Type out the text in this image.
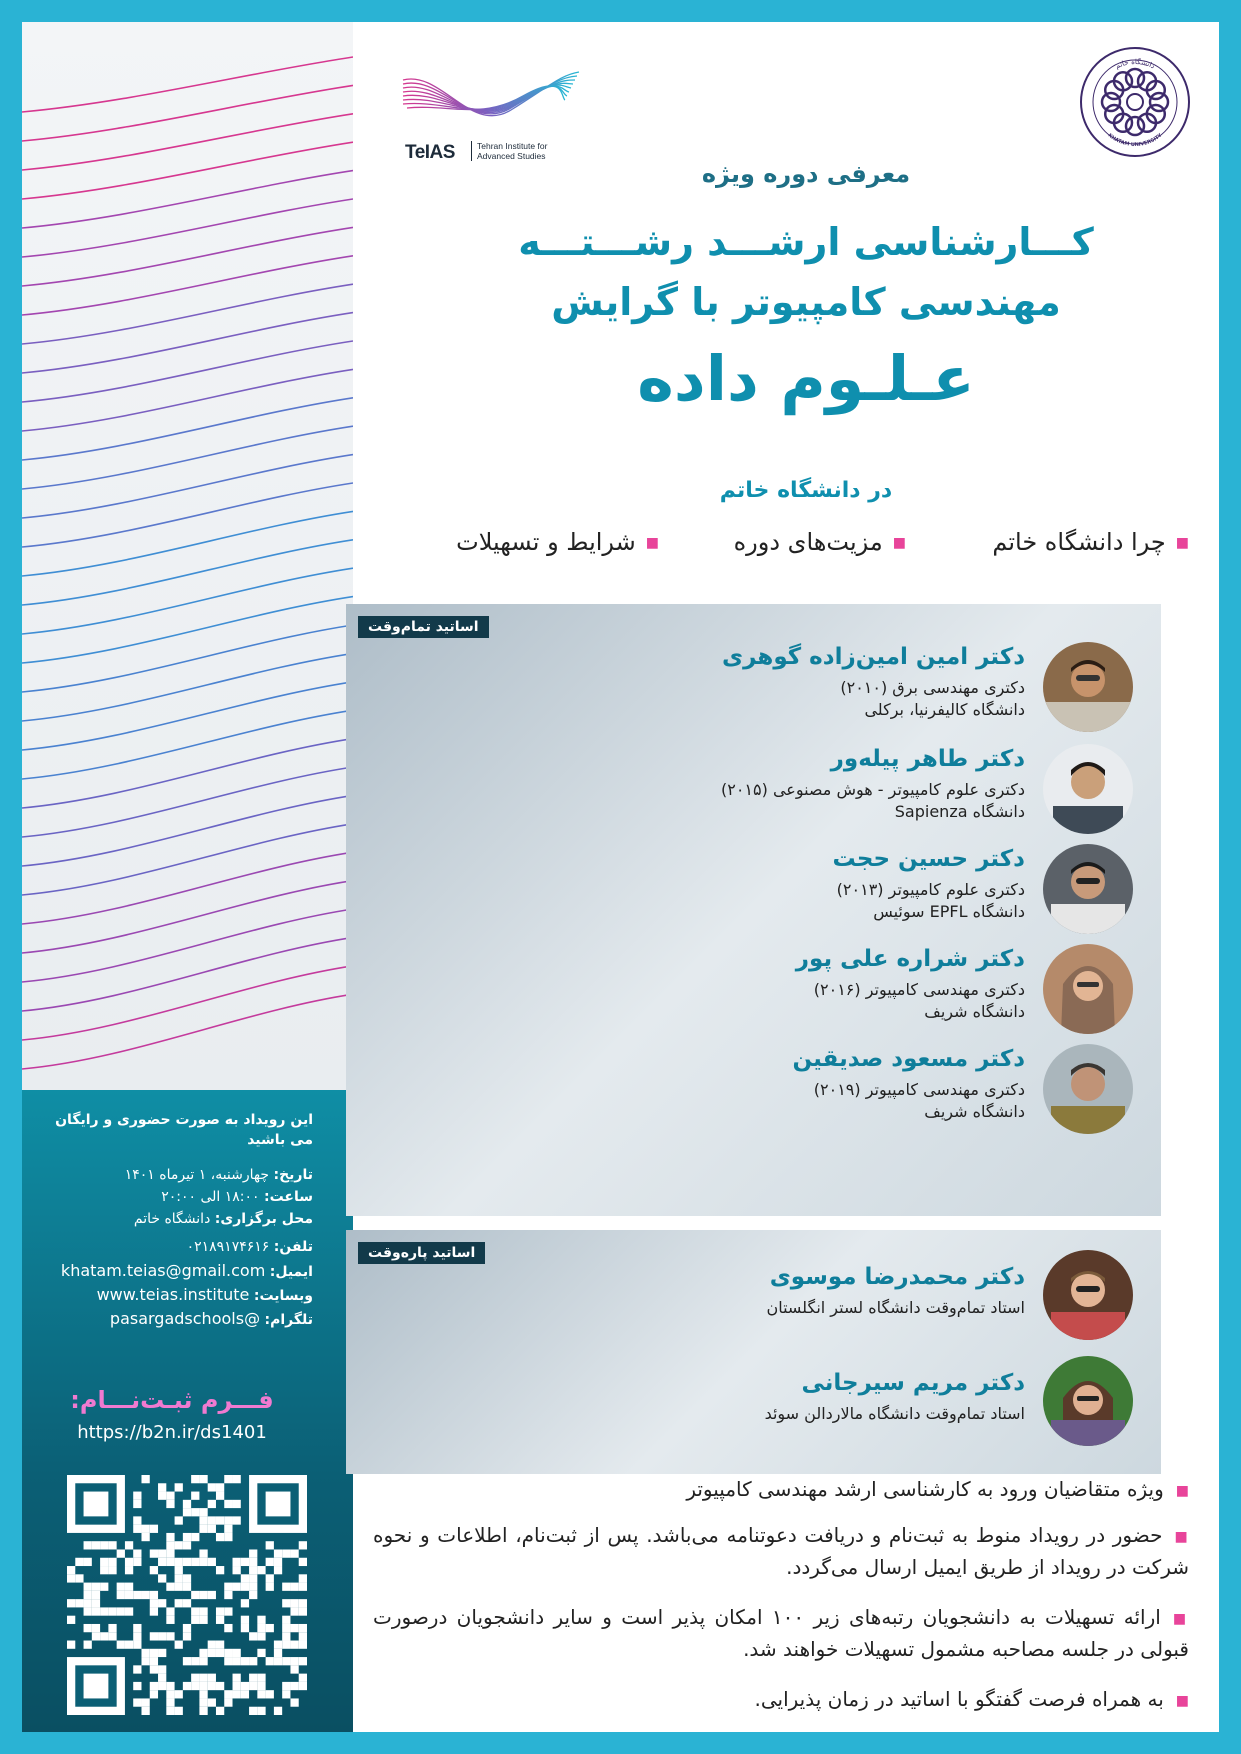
این رویداد به صورت حضوری و رایگان می باشید
تاریخ: چهارشنبه، ۱ تیرماه ۱۴۰۱
ساعت: ۱۸:۰۰ الی ۲۰:۰۰
محل برگزاری: دانشگاه خاتم
تلفن: ۰۲۱۸۹۱۷۴۶۱۶
ایمیل: khatam.teias@gmail.com
وبسایت: www.teias.institute
تلگرام: @pasargadschools
فـــرم ثبـت‌نـــام:
https://b2n.ir/ds1401
TeIAS	Tehran Institute for
Advanced Studies
دانشگاه خاتم
KHATAM UNIVERSITY
معرفی دوره ویژه
کـــارشناسی ارشـــد رشـــتـــه
مهندسی کامپیوتر با گرایش
عـلـوم داده
در دانشگاه خاتم
■چرا دانشگاه خاتم
■مزیت‌های دوره
■شرایط و تسهیلات
اساتید تمام‌وقت
دکتر امین امین‌زاده گوهری
دکتری مهندسی برق (۲۰۱۰)
دانشگاه کالیفرنیا، برکلی
دکتر طاهر پیله‌ور
دکتری علوم کامپیوتر - هوش مصنوعی (۲۰۱۵)
دانشگاه Sapienza
دکتر حسین حجت
دکتری علوم کامپیوتر (۲۰۱۳)
دانشگاه EPFL سوئیس
دکتر شراره علی پور
دکتری مهندسی کامپیوتر (۲۰۱۶)
دانشگاه شریف
دکتر مسعود صدیقین
دکتری مهندسی کامپیوتر (۲۰۱۹)
دانشگاه شریف
اساتید پاره‌وقت
دکتر محمدرضا موسوی
استاد تمام‌وقت دانشگاه لستر انگلستان
دکتر مریم سیرجانی
استاد تمام‌وقت دانشگاه مالاردالن سوئد
■ویژه متقاضیان ورود به کارشناسی ارشد مهندسی کامپیوتر
■حضور در رویداد منوط به ثبت‌نام و دریافت دعوتنامه می‌باشد. پس از ثبت‌نام، اطلاعات و نحوه شرکت در رویداد از طریق ایمیل ارسال می‌گردد.
■ارائه تسهیلات به دانشجویان رتبه‌های زیر ۱۰۰ امکان پذیر است و سایر دانشجویان درصورت قبولی در جلسه مصاحبه مشمول تسهیلات خواهند شد.
■به همراه فرصت گفتگو با اساتید در زمان پذیرایی.
